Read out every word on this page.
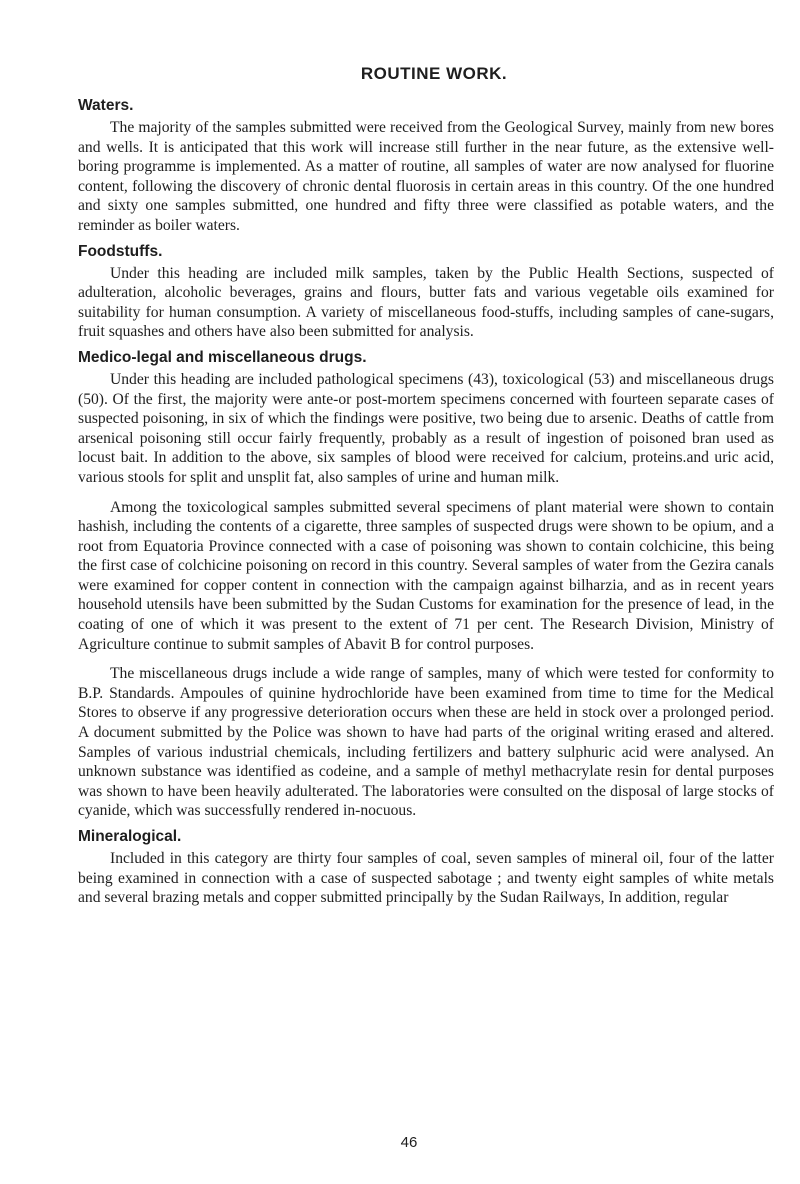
ROUTINE WORK.
Waters.

The majority of the samples submitted were received from the Geological Survey, mainly from new bores and wells. It is anticipated that this work will increase still further in the near future, as the extensive well-boring programme is implemented. As a matter of routine, all samples of water are now analysed for fluorine content, following the discovery of chronic dental fluorosis in certain areas in this country. Of the one hundred and sixty one samples submitted, one hundred and fifty three were classified as potable waters, and the reminder as boiler waters.

Foodstuffs.

Under this heading are included milk samples, taken by the Public Health Sections, suspected of adulteration, alcoholic beverages, grains and flours, butter fats and various vegetable oils examined for suitability for human consumption. A variety of miscellaneous food-stuffs, including samples of cane-sugars, fruit squashes and others have also been submitted for analysis.

Medico-legal and miscellaneous drugs.

Under this heading are included pathological specimens (43), toxicological (53) and miscellaneous drugs (50). Of the first, the majority were ante-or post-mortem specimens concerned with fourteen separate cases of suspected poisoning, in six of which the findings were positive, two being due to arsenic. Deaths of cattle from arsenical poisoning still occur fairly frequently, probably as a result of ingestion of poisoned bran used as locust bait. In addition to the above, six samples of blood were received for calcium, proteins.and uric acid, various stools for split and unsplit fat, also samples of urine and human milk.

Among the toxicological samples submitted several specimens of plant material were shown to contain hashish, including the contents of a cigarette, three samples of suspected drugs were shown to be opium, and a root from Equatoria Province connected with a case of poisoning was shown to contain colchicine, this being the first case of colchicine poisoning on record in this country. Several samples of water from the Gezira canals were examined for copper content in connection with the campaign against bilharzia, and as in recent years household utensils have been submitted by the Sudan Customs for examination for the presence of lead, in the coating of one of which it was present to the extent of 71 per cent. The Research Division, Ministry of Agriculture continue to submit samples of Abavit B for control purposes.

The miscellaneous drugs include a wide range of samples, many of which were tested for conformity to B.P. Standards. Ampoules of quinine hydrochloride have been examined from time to time for the Medical Stores to observe if any progressive deterioration occurs when these are held in stock over a prolonged period. A document submitted by the Police was shown to have had parts of the original writing erased and altered. Samples of various industrial chemicals, including fertilizers and battery sulphuric acid were analysed. An unknown substance was identified as codeine, and a sample of methyl methacrylate resin for dental purposes was shown to have been heavily adulterated. The laboratories were consulted on the disposal of large stocks of cyanide, which was successfully rendered in-nocuous.

Mineralogical.

Included in this category are thirty four samples of coal, seven samples of mineral oil, four of the latter being examined in connection with a case of suspected sabotage ; and twenty eight samples of white metals and several brazing metals and copper submitted principally by the Sudan Railways, In addition, regular

46
